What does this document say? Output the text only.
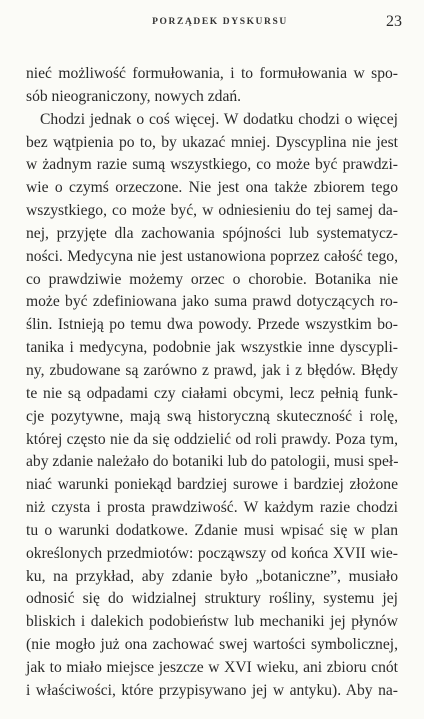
PORZĄDEK DYSKURSU	23
nieć możliwość formułowania, i to formułowania w spo-
sób nieograniczony, nowych zdań.
Chodzi jednak o coś więcej. W dodatku chodzi o więcej
bez wątpienia po to, by ukazać mniej. Dyscyplina nie jest
w żadnym razie sumą wszystkiego, co może być prawdzi-
wie o czymś orzeczone. Nie jest ona także zbiorem tego
wszystkiego, co może być, w odniesieniu do tej samej da-
nej, przyjęte dla zachowania spójności lub systematycz-
ności. Medycyna nie jest ustanowiona poprzez całość tego,
co prawdziwie możemy orzec o chorobie. Botanika nie
może być zdefiniowana jako suma prawd dotyczących ro-
ślin. Istnieją po temu dwa powody. Przede wszystkim bo-
tanika i medycyna, podobnie jak wszystkie inne dyscypli-
ny, zbudowane są zarówno z prawd, jak i z błędów. Błędy
te nie są odpadami czy ciałami obcymi, lecz pełnią funk-
cje pozytywne, mają swą historyczną skuteczność i rolę,
której często nie da się oddzielić od roli prawdy. Poza tym,
aby zdanie należało do botaniki lub do patologii, musi speł-
niać warunki poniekąd bardziej surowe i bardziej złożone
niż czysta i prosta prawdziwość. W każdym razie chodzi
tu o warunki dodatkowe. Zdanie musi wpisać się w plan
określonych przedmiotów: począwszy od końca XVII wie-
ku, na przykład, aby zdanie było „botaniczne”, musiało
odnosić się do widzialnej struktury rośliny, systemu jej
bliskich i dalekich podobieństw lub mechaniki jej płynów
(nie mogło już ona zachować swej wartości symbolicznej,
jak to miało miejsce jeszcze w XVI wieku, ani zbioru cnót
i właściwości, które przypisywano jej w antyku). Aby na-
